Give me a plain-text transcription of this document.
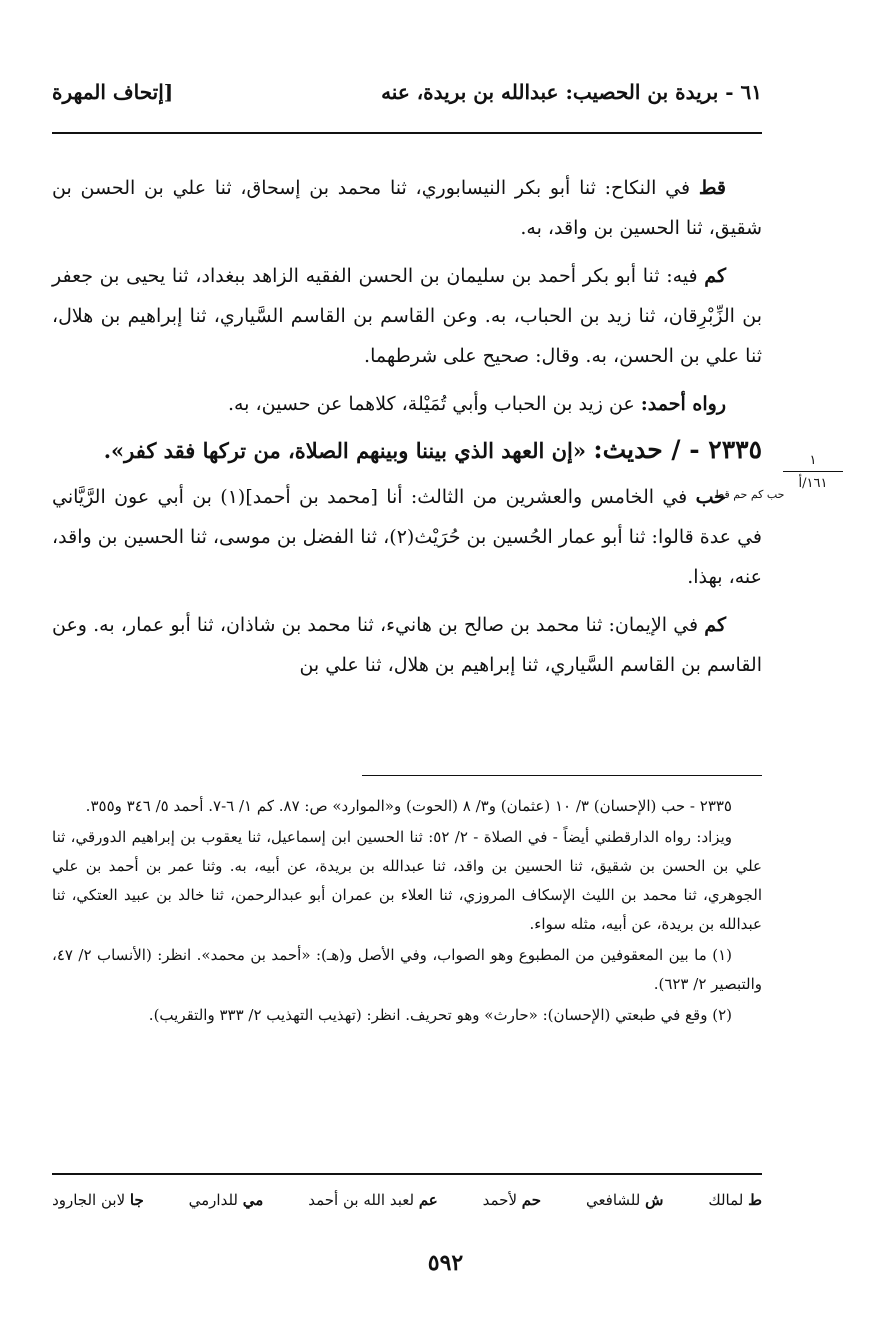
٦١ - بريدة بن الحصيب: عبدالله بن بريدة، عنه
[إتحاف المهرة

قط في النكاح: ثنا أبو بكر النيسابوري، ثنا محمد بن إسحاق، ثنا علي بن الحسن بن شقيق، ثنا الحسين بن واقد، به.

كم فيه: ثنا أبو بكر أحمد بن سليمان بن الحسن الفقيه الزاهد ببغداد، ثنا يحيى بن جعفر بن الزِّبْرِقان، ثنا زيد بن الحباب، به. وعن القاسم بن القاسم السَّياري، ثنا إبراهيم بن هلال، ثنا علي بن الحسن، به. وقال: صحيح على شرطهما.

رواه أحمد: عن زيد بن الحباب وأبي تُمَيْلة، كلاهما عن حسين، به.

٢٣٣٥ - / حديث: «إن العهد الذي بيننا وبينهم الصلاة، من تركها فقد كفر».

حب في الخامس والعشرين من الثالث: أنا [محمد بن أحمد](١) بن أبي عون الرَّيَّاني في عدة قالوا: ثنا أبو عمار الحُسين بن حُرَيْث(٢)، ثنا الفضل بن موسى، ثنا الحسين بن واقد، عنه، بهذا.

كم في الإيمان: ثنا محمد بن صالح بن هانيء، ثنا محمد بن شاذان، ثنا أبو عمار، به. وعن القاسم بن القاسم السَّياري، ثنا إبراهيم بن هلال، ثنا علي بن

١
١٦١/أ
حب كم حم قط

٢٣٣٥ - حب (الإحسان) ٣/ ١٠ (عثمان) و٣/ ٨ (الحوت) و«الموارد» ص: ٨٧. كم ١/ ٦-٧. أحمد ٥/ ٣٤٦ و٣٥٥.

ويزاد: رواه الدارقطني أيضاً - في الصلاة - ٢/ ٥٢: ثنا الحسين ابن إسماعيل، ثنا يعقوب بن إبراهيم الدورقي، ثنا علي بن الحسن بن شقيق، ثنا الحسين بن واقد، ثنا عبدالله بن بريدة، عن أبيه، به. وثنا عمر بن أحمد بن علي الجوهري، ثنا محمد بن الليث الإسكاف المروزي، ثنا العلاء بن عمران أبو عبدالرحمن، ثنا خالد بن عبيد العتكي، ثنا عبدالله بن بريدة، عن أبيه، مثله سواء.

(١) ما بين المعقوفين من المطبوع وهو الصواب، وفي الأصل و(هـ): «أحمد بن محمد». انظر: (الأنساب ٢/ ٤٧، والتبصير ٢/ ٦٢٣).

(٢) وقع في طبعتي (الإحسان): «حارث» وهو تحريف. انظر: (تهذيب التهذيب ٢/ ٣٣٣ والتقريب).

ط لمالك
ش للشافعي
حم لأحمد
عم لعبد الله بن أحمد
مي للدارمي
جا لابن الجارود
٥٩٢
